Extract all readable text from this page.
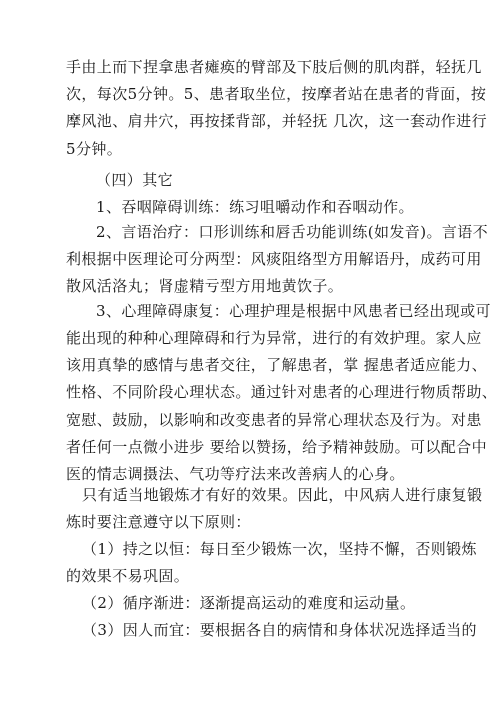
手由上而下捏拿患者瘫痪的臂部及下肢后侧的肌肉群，轻抚几
次，每次5分钟。5、患者取坐位，按摩者站在患者的背面，按
摩风池、肩井穴，再按揉背部，并轻抚 几次，这一套动作进行
5分钟。
（四）其它
1、吞咽障碍训练：练习咀嚼动作和吞咽动作。
2、言语治疗：口形训练和唇舌功能训练(如发音)。言语不
利根据中医理论可分两型：风痰阻络型方用解语丹，成药可用
散风活洛丸；肾虚精亏型方用地黄饮子。
3、心理障碍康复：心理护理是根据中风患者已经出现或可
能出现的种种心理障碍和行为异常，进行的有效护理。家人应
该用真挚的感情与患者交往，了解患者，掌 握患者适应能力、
性格、不同阶段心理状态。通过针对患者的心理进行物质帮助、
宽慰、鼓励，以影响和改变患者的异常心理状态及行为。对患
者任何一点微小进步 要给以赞扬，给予精神鼓励。可以配合中
医的情志调摄法、气功等疗法来改善病人的心身。
只有适当地锻炼才有好的效果。因此，中风病人进行康复锻
炼时要注意遵守以下原则：
（1）持之以恒：每日至少锻炼一次，坚持不懈，否则锻炼
的效果不易巩固。
（2）循序渐进：逐渐提高运动的难度和运动量。
（3）因人而宜：要根据各自的病情和身体状况选择适当的
